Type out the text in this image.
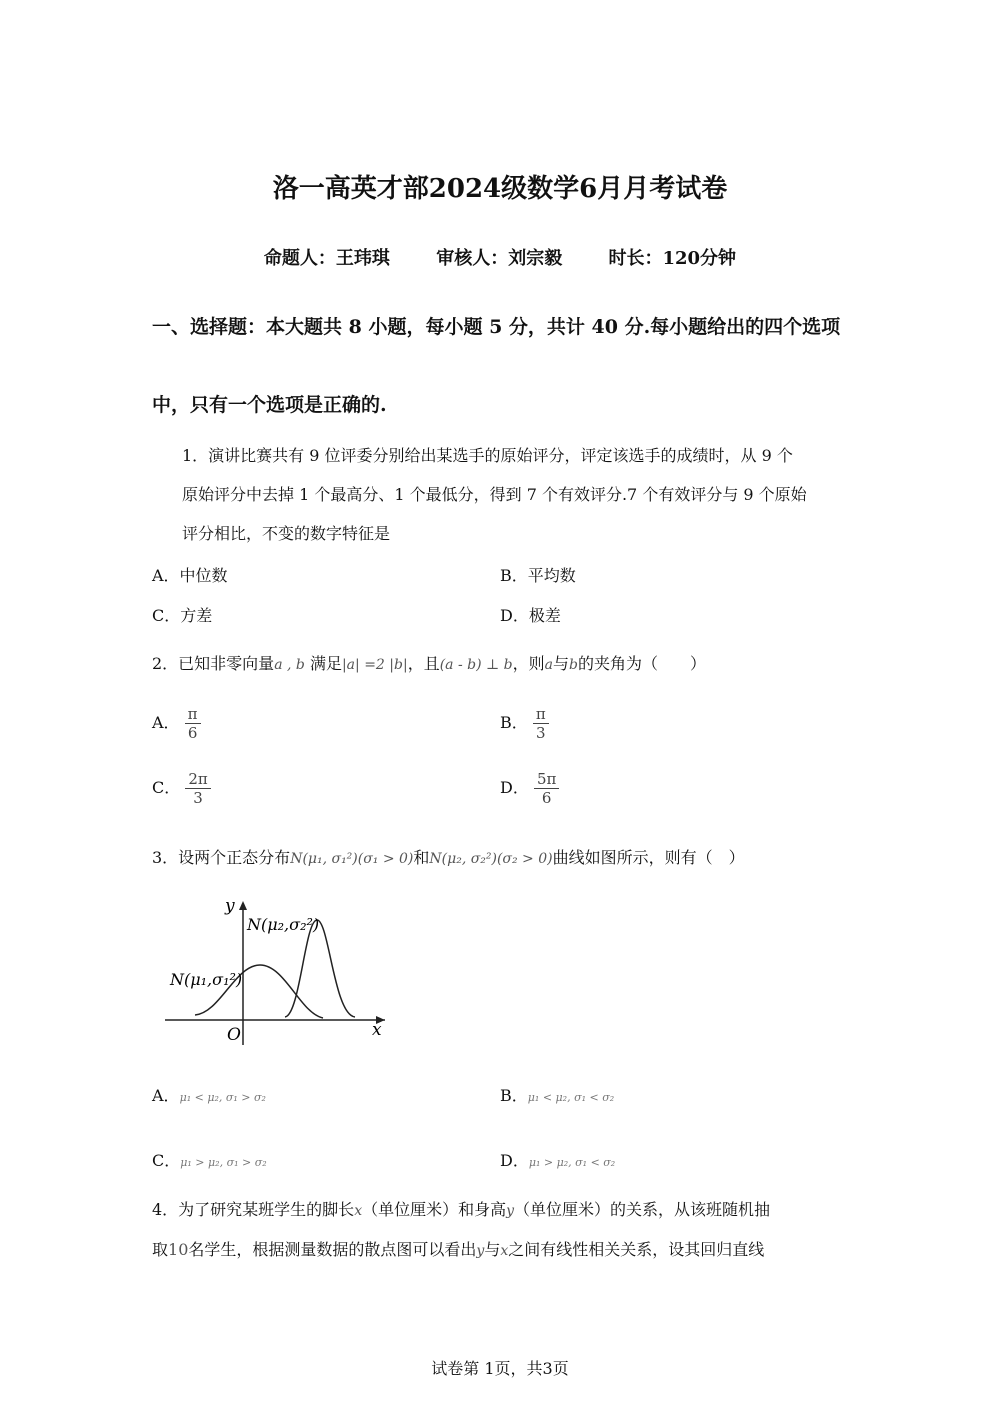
洛一高英才部2024级数学6月月考试卷
命题人：王玮琪	审核人：刘宗毅	时长：120分钟
一、选择题：本大题共 8 小题，每小题 5 分，共计 40 分.每小题给出的四个选项
中，只有一个选项是正确的.
1．演讲比赛共有 9 位评委分别给出某选手的原始评分，评定该选手的成绩时，从 9 个
原始评分中去掉 1 个最高分、1 个最低分，得到 7 个有效评分.7 个有效评分与 9 个原始
评分相比，不变的数字特征是
A．中位数	B．平均数
C．方差	D．极差
2．已知非零向量a , b 满足|a| =2 |b|，且(a - b) ⊥ b，则a与b的夹角为（　　）
A． $\frac{\pi}{6}$	B． $\frac{\pi}{3}$
C． $\frac{2\pi}{3}$	D． $\frac{5\pi}{6}$
3．设两个正态分布N(μ₁, σ₁²)(σ₁ > 0)和N(μ₂, σ₂²)(σ₂ > 0)曲线如图所示，则有（　）
y
x
O
N(μ₂,σ₂²)
N(μ₁,σ₁²)
A．μ₁ < μ₂, σ₁ > σ₂	B．μ₁ < μ₂, σ₁ < σ₂
C．μ₁ > μ₂, σ₁ > σ₂	D．μ₁ > μ₂, σ₁ < σ₂
4．为了研究某班学生的脚长x（单位厘米）和身高y（单位厘米）的关系，从该班随机抽
取10名学生，根据测量数据的散点图可以看出y与x之间有线性相关关系，设其回归直线
试卷第 1页，共3页
